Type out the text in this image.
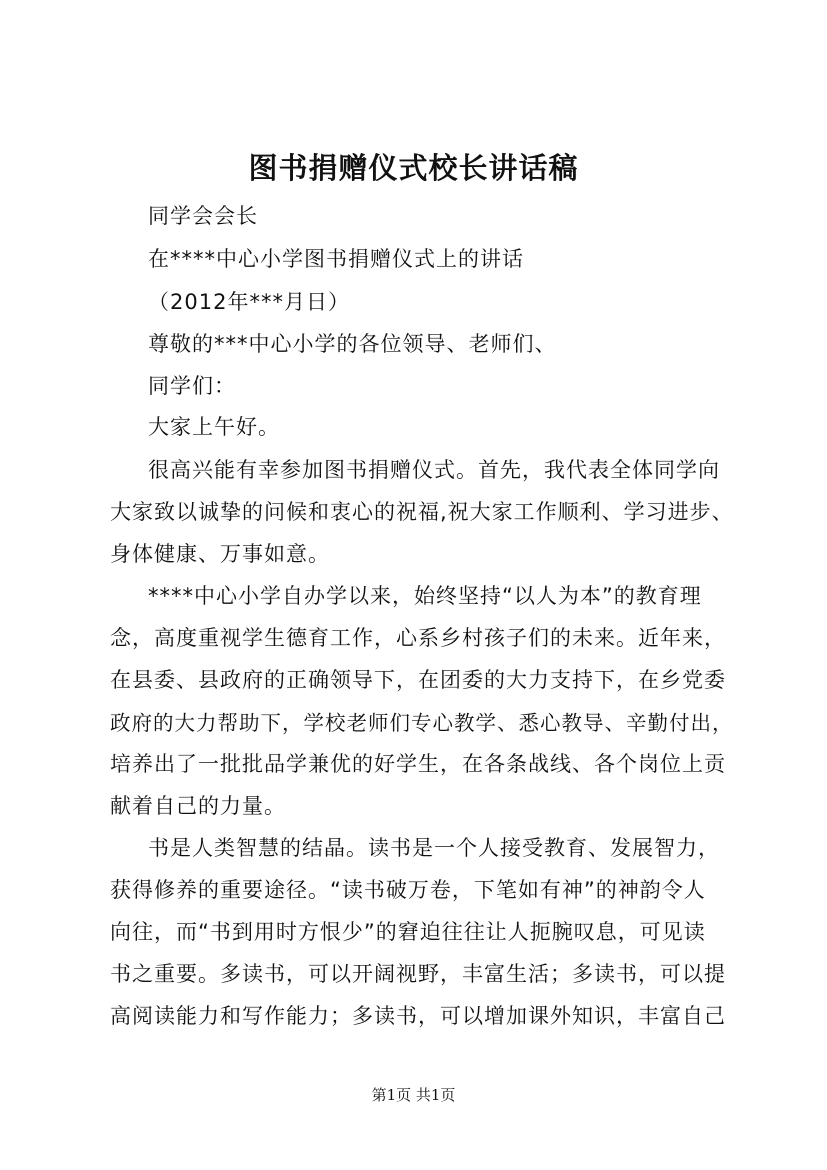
图书捐赠仪式校长讲话稿
同学会会长
在****中心小学图书捐赠仪式上的讲话
（2012年***月日）
尊敬的***中心小学的各位领导、老师们、
同学们：
大家上午好。
很高兴能有幸参加图书捐赠仪式。首先，我代表全体同学向
大家致以诚挚的问候和衷心的祝福,祝大家工作顺利、学习进步、
身体健康、万事如意。
****中心小学自办学以来，始终坚持“以人为本”的教育理
念，高度重视学生德育工作，心系乡村孩子们的未来。近年来，
在县委、县政府的正确领导下，在团委的大力支持下，在乡党委
政府的大力帮助下，学校老师们专心教学、悉心教导、辛勤付出，
培养出了一批批品学兼优的好学生，在各条战线、各个岗位上贡
献着自己的力量。
书是人类智慧的结晶。读书是一个人接受教育、发展智力，
获得修养的重要途径。“读书破万卷，下笔如有神”的神韵令人
向往，而“书到用时方恨少”的窘迫往往让人扼腕叹息，可见读
书之重要。多读书，可以开阔视野，丰富生活；多读书，可以提
高阅读能力和写作能力；多读书，可以增加课外知识，丰富自己
第1页 共1页
